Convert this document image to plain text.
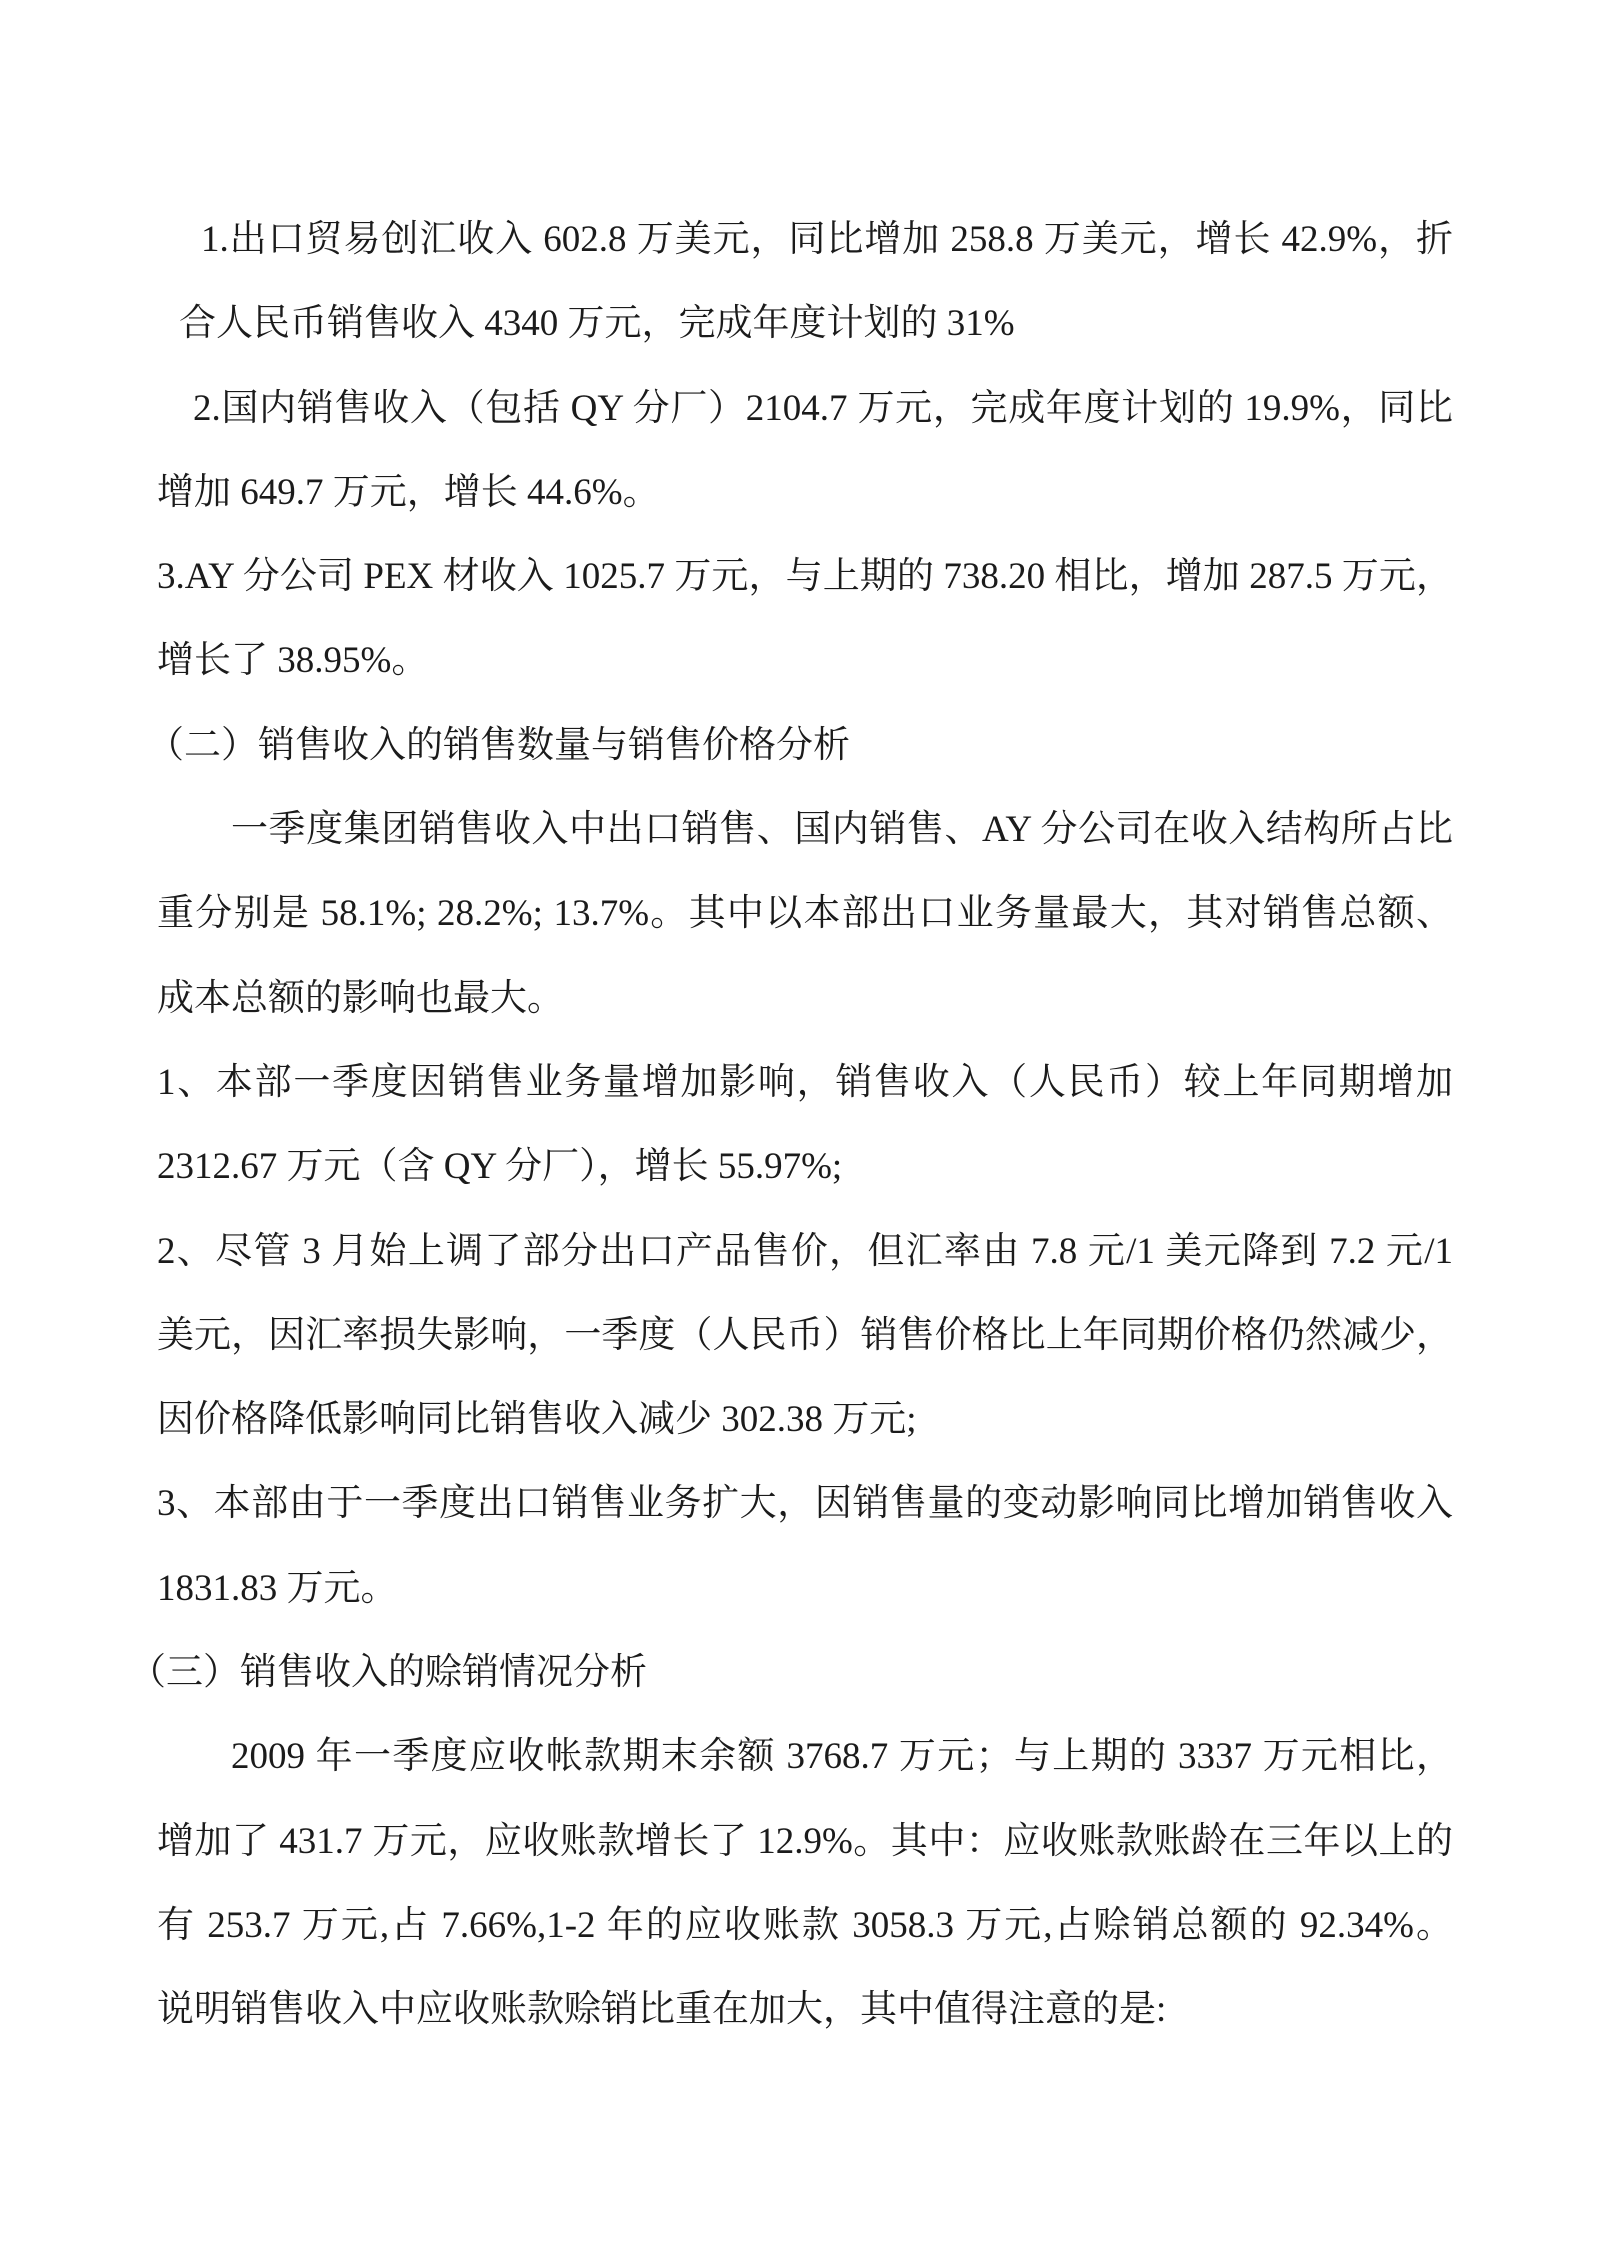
1.出口贸易创汇收入 602.8 万美元，同比增加 258.8 万美元，增长 42.9%，折
合人民币销售收入 4340 万元，完成年度计划的 31%
2.国内销售收入（包括 QY 分厂）2104.7 万元，完成年度计划的 19.9%，同比
增加 649.7 万元，增长 44.6%。
3.AY 分公司 PEX 材收入 1025.7 万元，与上期的 738.20 相比，增加 287.5 万元，
增长了 38.95%。
（二）销售收入的销售数量与销售价格分析
一季度集团销售收入中出口销售、国内销售、AY 分公司在收入结构所占比
重分别是 58.1%; 28.2%; 13.7%。其中以本部出口业务量最大，其对销售总额、
成本总额的影响也最大。
1、本部一季度因销售业务量增加影响，销售收入（人民币）较上年同期增加
2312.67 万元（含 QY 分厂），增长 55.97%;
2、尽管 3 月始上调了部分出口产品售价，但汇率由 7.8 元/1 美元降到 7.2 元/1
美元，因汇率损失影响，一季度（人民币）销售价格比上年同期价格仍然减少，
因价格降低影响同比销售收入减少 302.38 万元;
3、本部由于一季度出口销售业务扩大，因销售量的变动影响同比增加销售收入
1831.83 万元。
（三）销售收入的赊销情况分析
2009 年一季度应收帐款期末余额 3768.7 万元；与上期的 3337 万元相比，
增加了 431.7 万元，应收账款增长了 12.9%。其中：应收账款账龄在三年以上的
有 253.7 万元,占 7.66%,1-2 年的应收账款 3058.3 万元,占赊销总额的 92.34%。
说明销售收入中应收账款赊销比重在加大，其中值得注意的是:
